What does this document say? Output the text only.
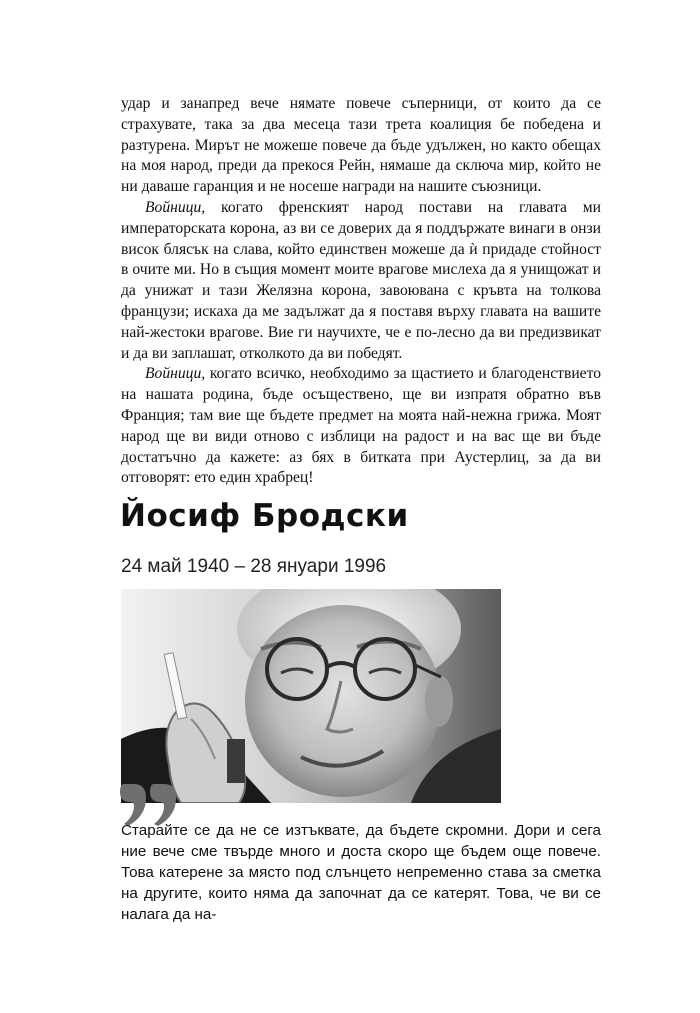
удар и занапред вече нямате повече съперници, от които да се страхувате, така за два месеца тази трета коалиция бе победена и разтурена. Мирът не можеше повече да бъде удължен, но както обещах на моя народ, преди да прекося Рейн, нямаше да сключа мир, който не ни даваше гаранция и не носеше награди на нашите съюзници.

Войници, когато френският народ постави на главата ми императорската корона, аз ви се доверих да я поддържате винаги в онзи висок блясък на слава, който единствен можеше да ѝ придаде стойност в очите ми. Но в същия момент моите врагове мислеха да я унищожат и да унижат и тази Желязна корона, завоювана с кръвта на толкова французи; искаха да ме задължат да я поставя върху главата на вашите най-жестоки врагове. Вие ги научихте, че е по-лесно да ви предизвикат и да ви заплашат, отколкото да ви победят.

Войници, когато всичко, необходимо за щастието и благоденствието на нашата родина, бъде осъществено, ще ви изпратя обратно във Франция; там вие ще бъдете предмет на моята най-нежна грижа. Моят народ ще ви види отново с изблици на радост и на вас ще ви бъде достатъчно да кажете: аз бях в битката при Аустерлиц, за да ви отговорят: ето един храбрец!

Йосиф Бродски
24 май 1940 – 28 януари 1996

Старайте се да не се изтъквате, да бъдете скромни. Дори и сега ние вече сме твърде много и доста скоро ще бъдем още повече. Това катерене за място под слънцето непременно става за сметка на другите, които няма да започнат да се катерят. Това, че ви се налага да на-
